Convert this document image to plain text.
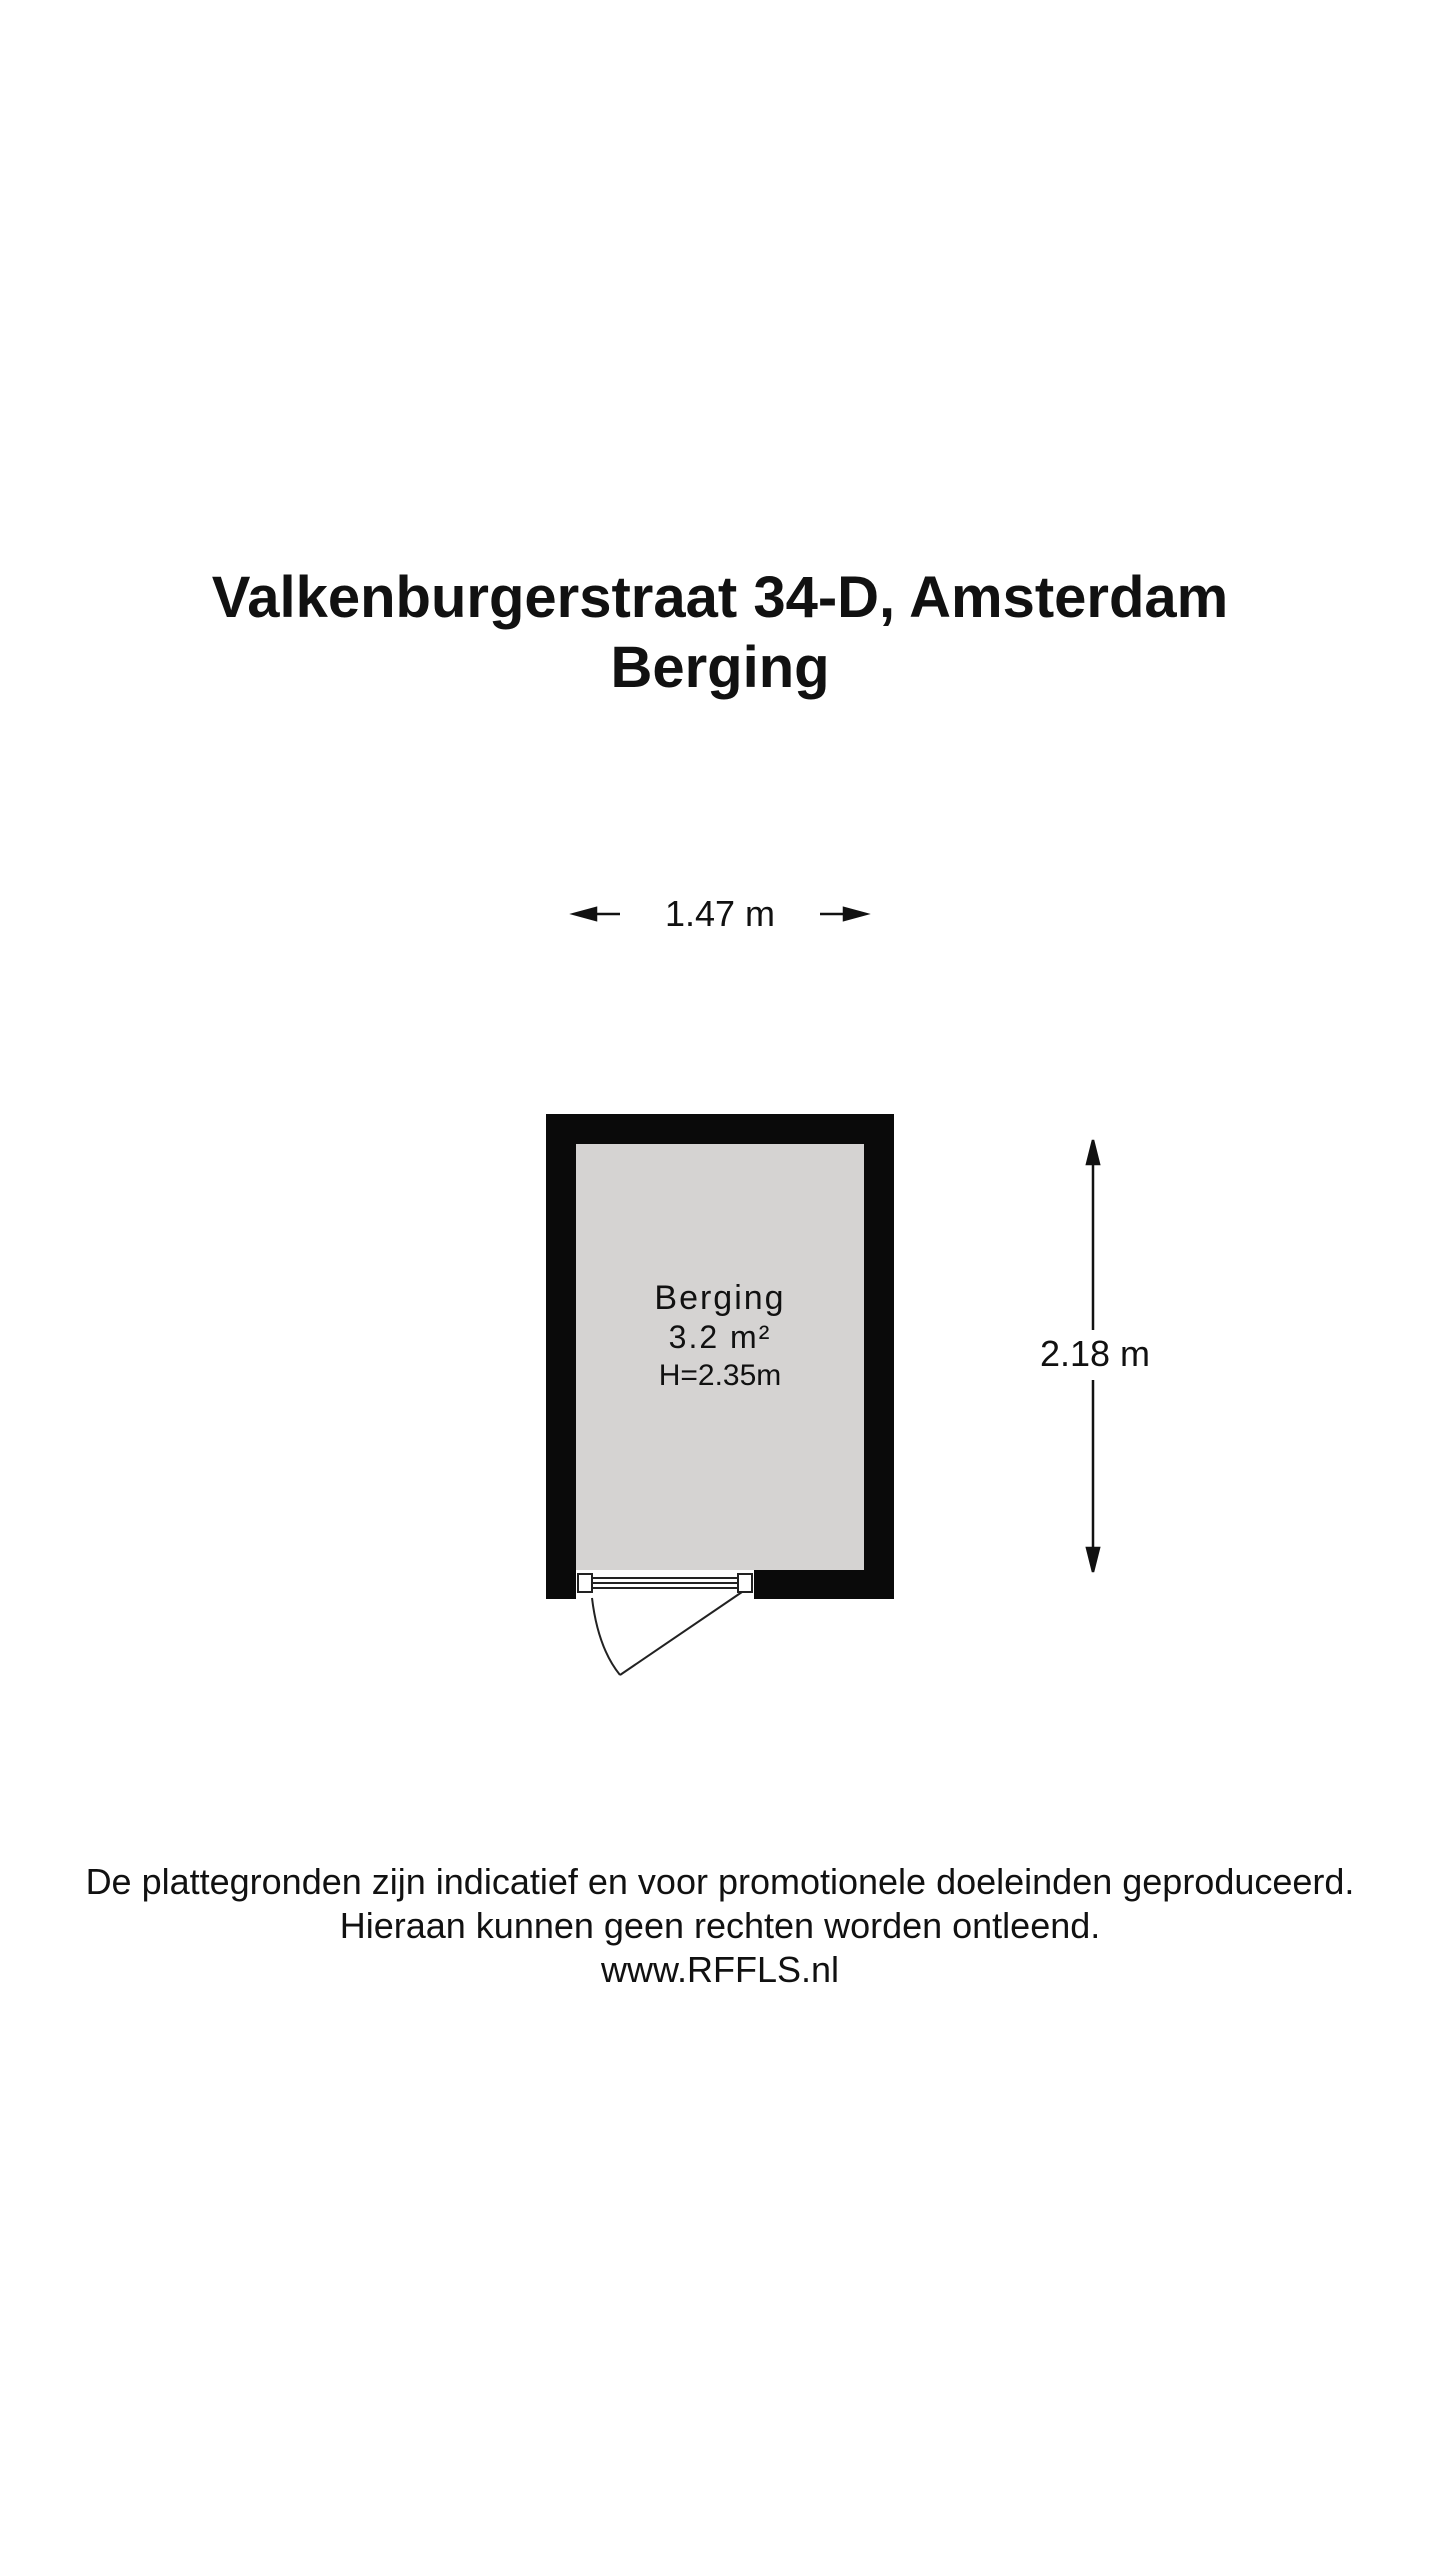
Valkenburgerstraat 34-D, Amsterdam
Berging
1.47 m
2.18 m
Berging
3.2 m²
H=2.35m
De plattegronden zijn indicatief en voor promotionele doeleinden geproduceerd.
Hieraan kunnen geen rechten worden ontleend.
www.RFFLS.nl
